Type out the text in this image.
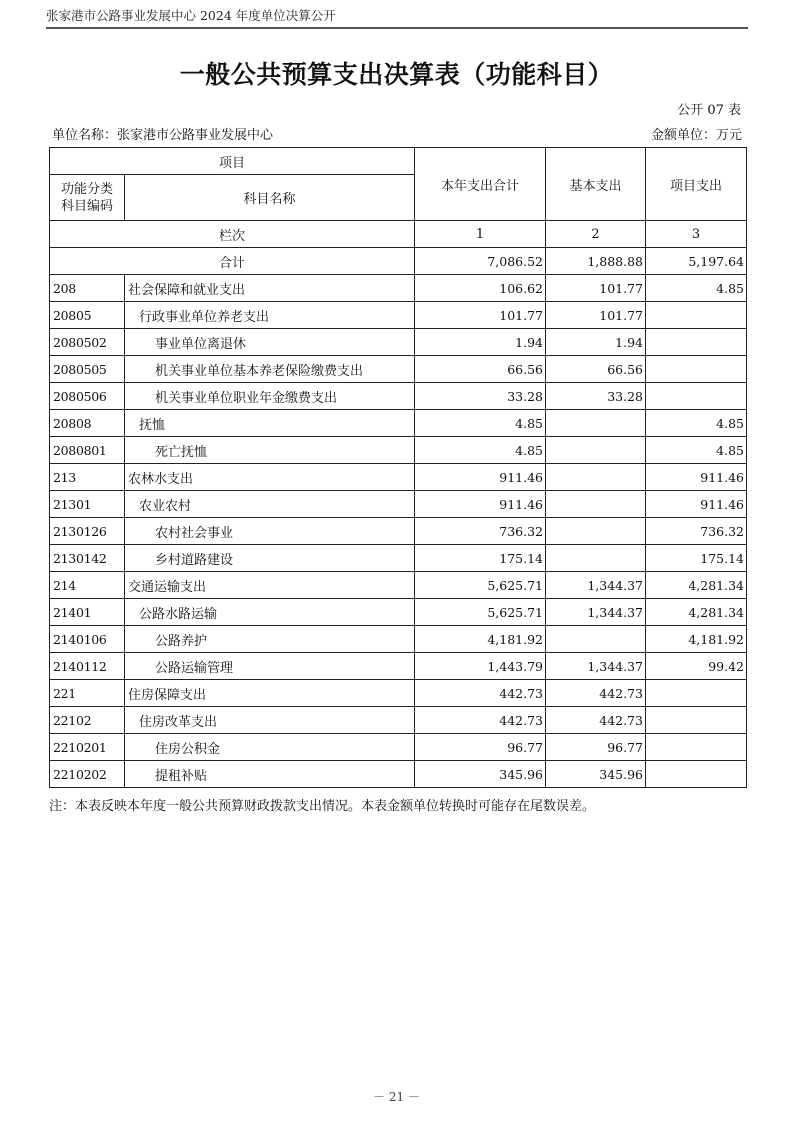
张家港市公路事业发展中心 2024 年度单位决算公开
一般公共预算支出决算表（功能科目）
公开 07 表
单位名称：张家港市公路事业发展中心	金额单位：万元
项目		本年支出合计	基本支出	项目支出

功能分类
科目编码	科目名称			
栏次		1	2	3
合计		7,086.52	1,888.88	5,197.64
208	社会保障和就业支出	106.62	101.77	4.85
20805	行政事业单位养老支出	101.77	101.77	
2080502	事业单位离退休	1.94	1.94	
2080505	机关事业单位基本养老保险缴费支出	66.56	66.56	
2080506	机关事业单位职业年金缴费支出	33.28	33.28	
20808	抚恤	4.85		4.85
2080801	死亡抚恤	4.85		4.85
213	农林水支出	911.46		911.46
21301	农业农村	911.46		911.46
2130126	农村社会事业	736.32		736.32
2130142	乡村道路建设	175.14		175.14
214	交通运输支出	5,625.71	1,344.37	4,281.34
21401	公路水路运输	5,625.71	1,344.37	4,281.34
2140106	公路养护	4,181.92		4,181.92
2140112	公路运输管理	1,443.79	1,344.37	99.42
221	住房保障支出	442.73	442.73	
22102	住房改革支出	442.73	442.73	
2210201	住房公积金	96.77	96.77	
2210202	提租补贴	345.96	345.96	
注：本表反映本年度一般公共预算财政拨款支出情况。本表金额单位转换时可能存在尾数误差。
－ 21 －
